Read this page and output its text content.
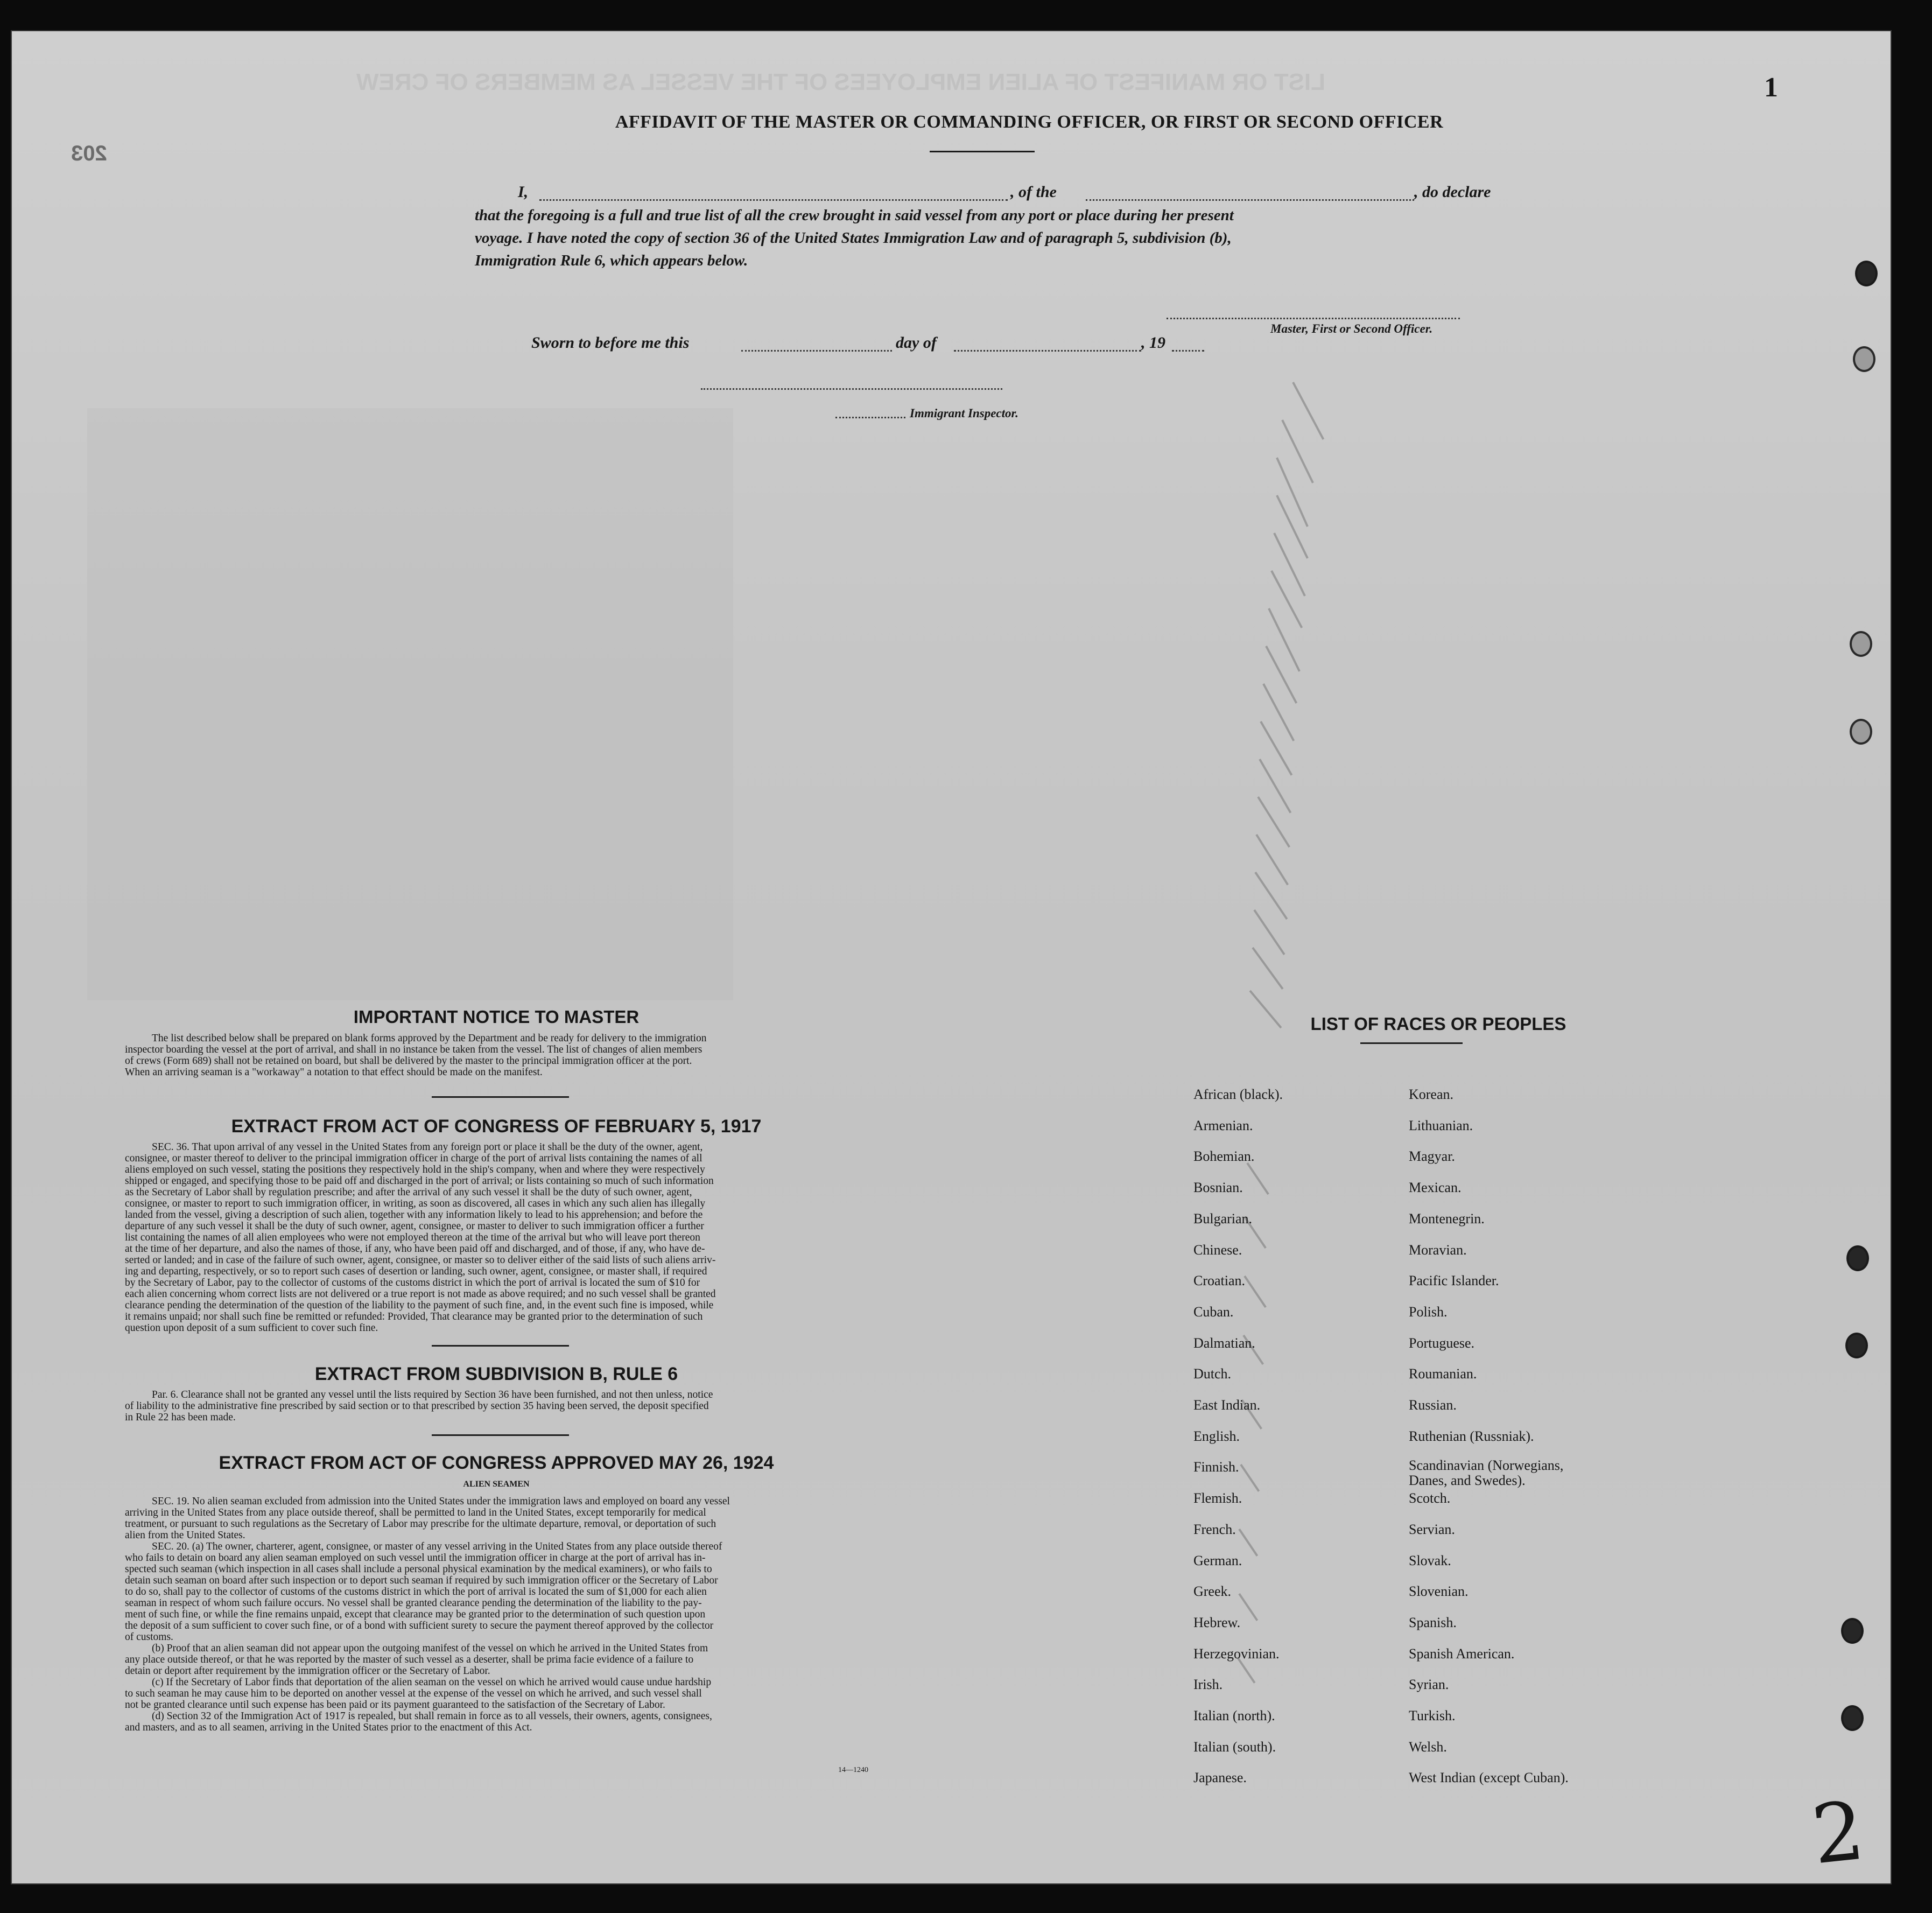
LIST OR MANIFEST OF ALIEN EMPLOYEES OF THE VESSEL AS MEMBERS OF CREW
203
1
2
AFFIDAVIT OF THE MASTER OR COMMANDING OFFICER, OR FIRST OR SECOND OFFICER
I,	, of the	, do declare
that the foregoing is a full and true list of all the crew brought in said vessel from any port or place during her present
voyage. I have noted the copy of section 36 of the United States Immigration Law and of paragraph 5, subdivision (b),
Immigration Rule 6, which appears below.
Master, First or Second Officer.
Sworn to before me this	day of	, 19
Immigrant Inspector.
IMPORTANT NOTICE TO MASTER
The list described below shall be prepared on blank forms approved by the Department and be ready for delivery to the immigration
inspector boarding the vessel at the port of arrival, and shall in no instance be taken from the vessel. The list of changes of alien members
of crews (Form 689) shall not be retained on board, but shall be delivered by the master to the principal immigration officer at the port.
When an arriving seaman is a "workaway" a notation to that effect should be made on the manifest.
EXTRACT FROM ACT OF CONGRESS OF FEBRUARY 5, 1917
SEC. 36. That upon arrival of any vessel in the United States from any foreign port or place it shall be the duty of the owner, agent,
consignee, or master thereof to deliver to the principal immigration officer in charge of the port of arrival lists containing the names of all
aliens employed on such vessel, stating the positions they respectively hold in the ship's company, when and where they were respectively
shipped or engaged, and specifying those to be paid off and discharged in the port of arrival; or lists containing so much of such information
as the Secretary of Labor shall by regulation prescribe; and after the arrival of any such vessel it shall be the duty of such owner, agent,
consignee, or master to report to such immigration officer, in writing, as soon as discovered, all cases in which any such alien has illegally
landed from the vessel, giving a description of such alien, together with any information likely to lead to his apprehension; and before the
departure of any such vessel it shall be the duty of such owner, agent, consignee, or master to deliver to such immigration officer a further
list containing the names of all alien employees who were not employed thereon at the time of the arrival but who will leave port thereon
at the time of her departure, and also the names of those, if any, who have been paid off and discharged, and of those, if any, who have de-
serted or landed; and in case of the failure of such owner, agent, consignee, or master so to deliver either of the said lists of such aliens arriv-
ing and departing, respectively, or so to report such cases of desertion or landing, such owner, agent, consignee, or master shall, if required
by the Secretary of Labor, pay to the collector of customs of the customs district in which the port of arrival is located the sum of $10 for
each alien concerning whom correct lists are not delivered or a true report is not made as above required; and no such vessel shall be granted
clearance pending the determination of the question of the liability to the payment of such fine, and, in the event such fine is imposed, while
it remains unpaid; nor shall such fine be remitted or refunded: Provided, That clearance may be granted prior to the determination of such
question upon deposit of a sum sufficient to cover such fine.
EXTRACT FROM SUBDIVISION B, RULE 6
Par. 6. Clearance shall not be granted any vessel until the lists required by Section 36 have been furnished, and not then unless, notice
of liability to the administrative fine prescribed by said section or to that prescribed by section 35 having been served, the deposit specified
in Rule 22 has been made.
EXTRACT FROM ACT OF CONGRESS APPROVED MAY 26, 1924
ALIEN SEAMEN
SEC. 19. No alien seaman excluded from admission into the United States under the immigration laws and employed on board any vessel
arriving in the United States from any place outside thereof, shall be permitted to land in the United States, except temporarily for medical
treatment, or pursuant to such regulations as the Secretary of Labor may prescribe for the ultimate departure, removal, or deportation of such
alien from the United States.
SEC. 20. (a) The owner, charterer, agent, consignee, or master of any vessel arriving in the United States from any place outside thereof
who fails to detain on board any alien seaman employed on such vessel until the immigration officer in charge at the port of arrival has in-
spected such seaman (which inspection in all cases shall include a personal physical examination by the medical examiners), or who fails to
detain such seaman on board after such inspection or to deport such seaman if required by such immigration officer or the Secretary of Labor
to do so, shall pay to the collector of customs of the customs district in which the port of arrival is located the sum of $1,000 for each alien
seaman in respect of whom such failure occurs. No vessel shall be granted clearance pending the determination of the liability to the pay-
ment of such fine, or while the fine remains unpaid, except that clearance may be granted prior to the determination of such question upon
the deposit of a sum sufficient to cover such fine, or of a bond with sufficient surety to secure the payment thereof approved by the collector
of customs.
(b) Proof that an alien seaman did not appear upon the outgoing manifest of the vessel on which he arrived in the United States from
any place outside thereof, or that he was reported by the master of such vessel as a deserter, shall be prima facie evidence of a failure to
detain or deport after requirement by the immigration officer or the Secretary of Labor.
(c) If the Secretary of Labor finds that deportation of the alien seaman on the vessel on which he arrived would cause undue hardship
to such seaman he may cause him to be deported on another vessel at the expense of the vessel on which he arrived, and such vessel shall
not be granted clearance until such expense has been paid or its payment guaranteed to the satisfaction of the Secretary of Labor.
(d) Section 32 of the Immigration Act of 1917 is repealed, but shall remain in force as to all vessels, their owners, agents, consignees,
and masters, and as to all seamen, arriving in the United States prior to the enactment of this Act.
14—1240
LIST OF RACES OR PEOPLES
African (black).
Armenian.
Bohemian.
Bosnian.
Bulgarian.
Chinese.
Croatian.
Cuban.
Dalmatian.
Dutch.
East Indian.
English.
Finnish.
Flemish.
French.
German.
Greek.
Hebrew.
Herzegovinian.
Irish.
Italian (north).
Italian (south).
Japanese.
Korean.
Lithuanian.
Magyar.
Mexican.
Montenegrin.
Moravian.
Pacific Islander.
Polish.
Portuguese.
Roumanian.
Russian.
Ruthenian (Russniak).
Scandinavian (Norwegians,
Danes, and Swedes).
Scotch.
Servian.
Slovak.
Slovenian.
Spanish.
Spanish American.
Syrian.
Turkish.
Welsh.
West Indian (except Cuban).
